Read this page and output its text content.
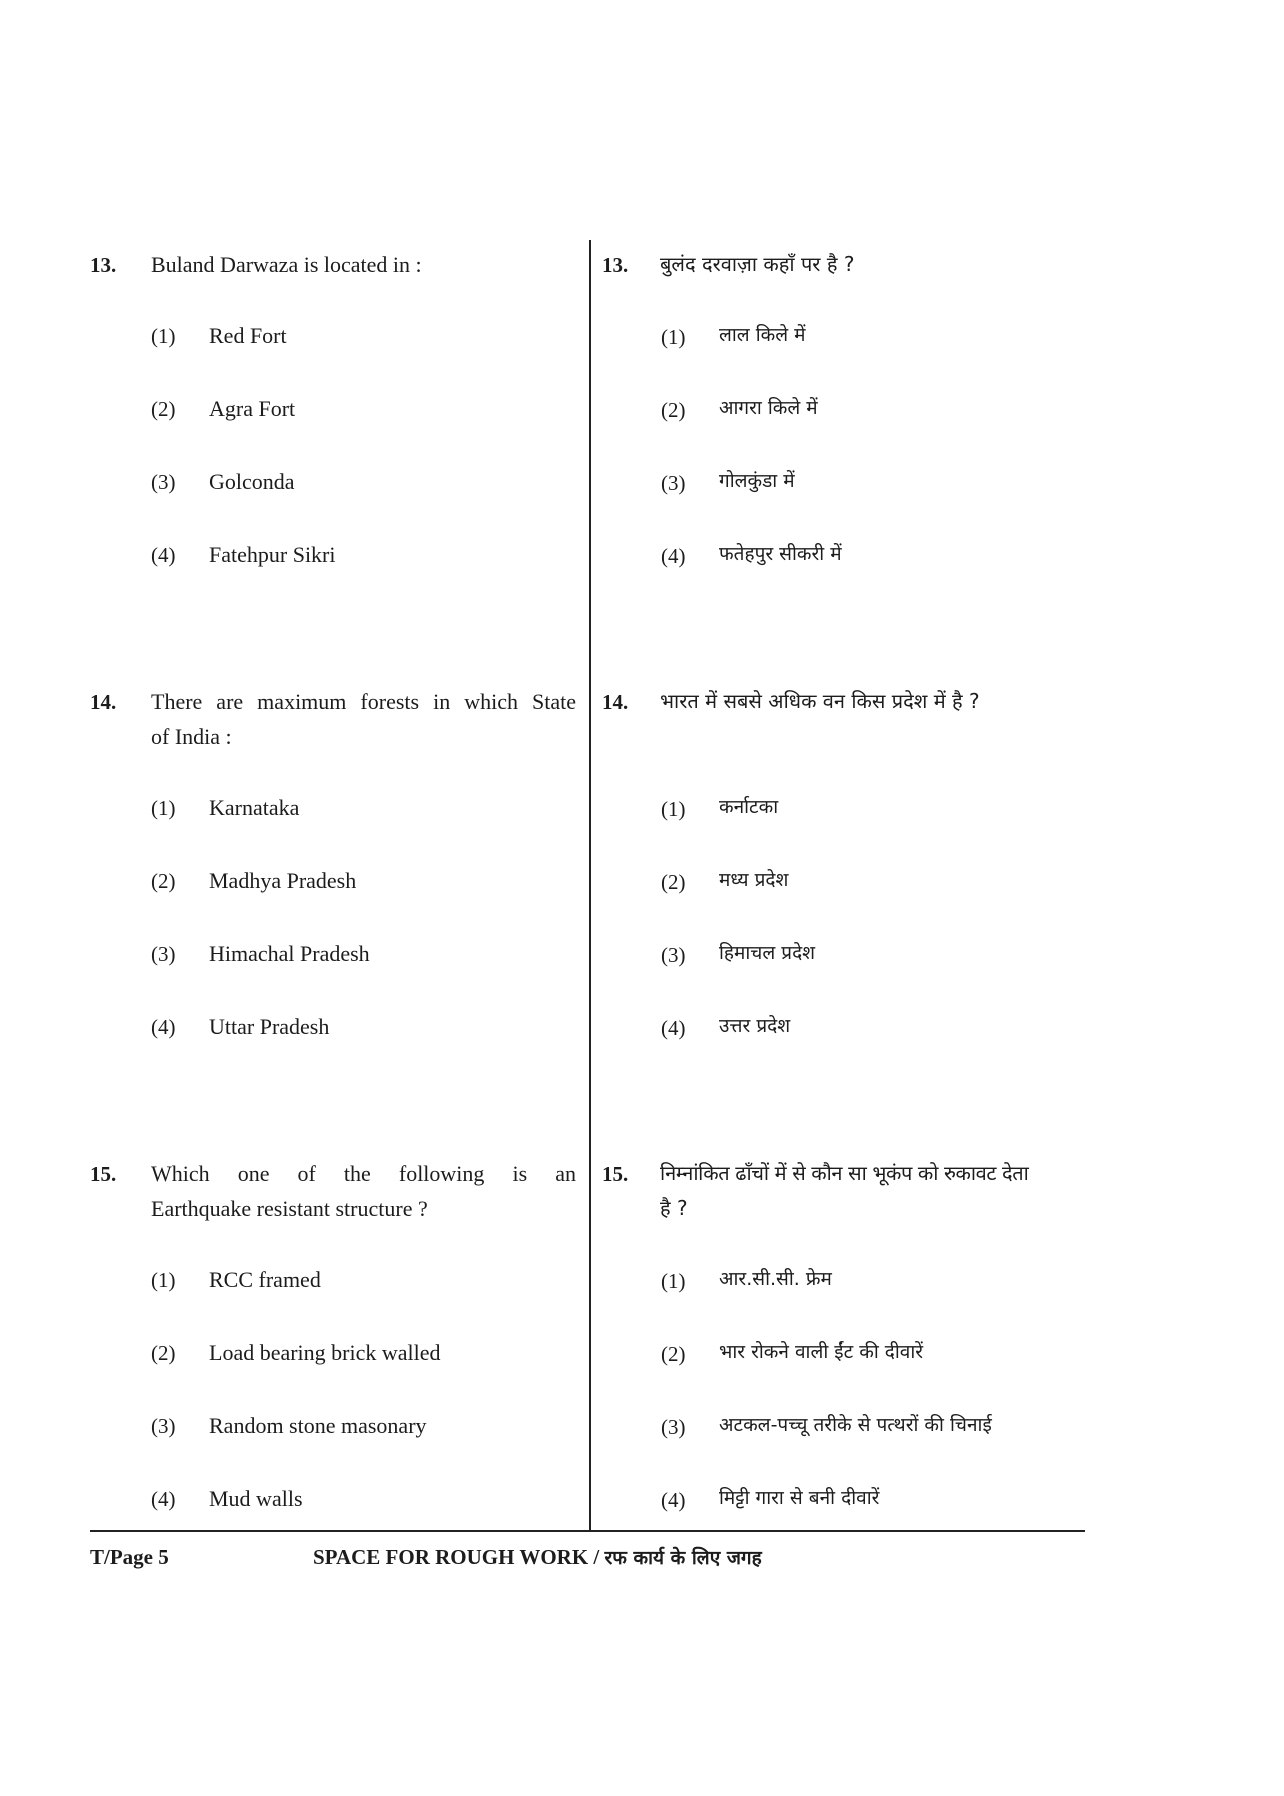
13. Buland Darwaza is located in :
(1) Red Fort
(2) Agra Fort
(3) Golconda
(4) Fatehpur Sikri
13. बुलंद दरवाज़ा कहाँ पर है ?
(1) लाल किले में
(2) आगरा किले में
(3) गोलकुंडा में
(4) फतेहपुर सीकरी में
14. There are maximum forests in which State
of India :
(1) Karnataka
(2) Madhya Pradesh
(3) Himachal Pradesh
(4) Uttar Pradesh
14. भारत में सबसे अधिक वन किस प्रदेश में है ?
(1) कर्नाटका
(2) मध्य प्रदेश
(3) हिमाचल प्रदेश
(4) उत्तर प्रदेश
15. Which one of the following is an
Earthquake resistant structure ?
(1) RCC framed
(2) Load bearing brick walled
(3) Random stone masonary
(4) Mud walls
15. निम्नांकित ढाँचों में से कौन सा भूकंप को रुकावट देता
है ?
(1) आर.सी.सी. फ्रेम
(2) भार रोकने वाली ईंट की दीवारें
(3) अटकल-पच्चू तरीके से पत्थरों की चिनाई
(4) मिट्टी गारा से बनी दीवारें
T/Page 5	SPACE FOR ROUGH WORK / रफ कार्य के लिए जगह
